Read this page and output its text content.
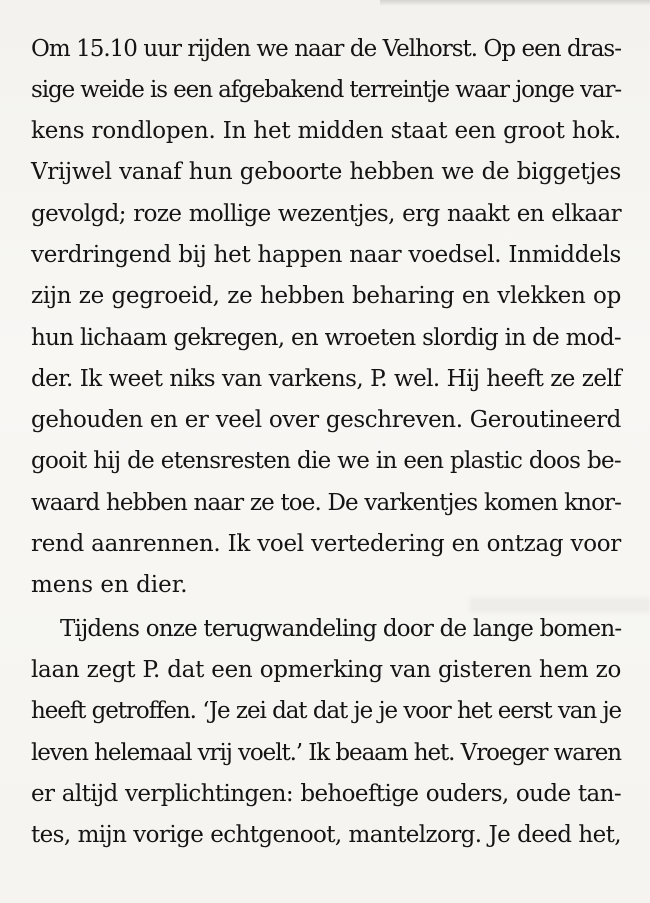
Om 15.10 uur rijden we naar de Velhorst. Op een dras-
sige weide is een afgebakend terreintje waar jonge var-
kens rondlopen. In het midden staat een groot hok.
Vrijwel vanaf hun geboorte hebben we de biggetjes
gevolgd; roze mollige wezentjes, erg naakt en elkaar
verdringend bij het happen naar voedsel. Inmiddels
zijn ze gegroeid, ze hebben beharing en vlekken op
hun lichaam gekregen, en wroeten slordig in de mod-
der. Ik weet niks van varkens, P. wel. Hij heeft ze zelf
gehouden en er veel over geschreven. Geroutineerd
gooit hij de etensresten die we in een plastic doos be-
waard hebben naar ze toe. De varkentjes komen knor-
rend aanrennen. Ik voel vertedering en ontzag voor
mens en dier.
Tijdens onze terugwandeling door de lange bomen-
laan zegt P. dat een opmerking van gisteren hem zo
heeft getroffen. ‘Je zei dat dat je je voor het eerst van je
leven helemaal vrij voelt.’ Ik beaam het. Vroeger waren
er altijd verplichtingen: behoeftige ouders, oude tan-
tes, mijn vorige echtgenoot, mantelzorg. Je deed het,
